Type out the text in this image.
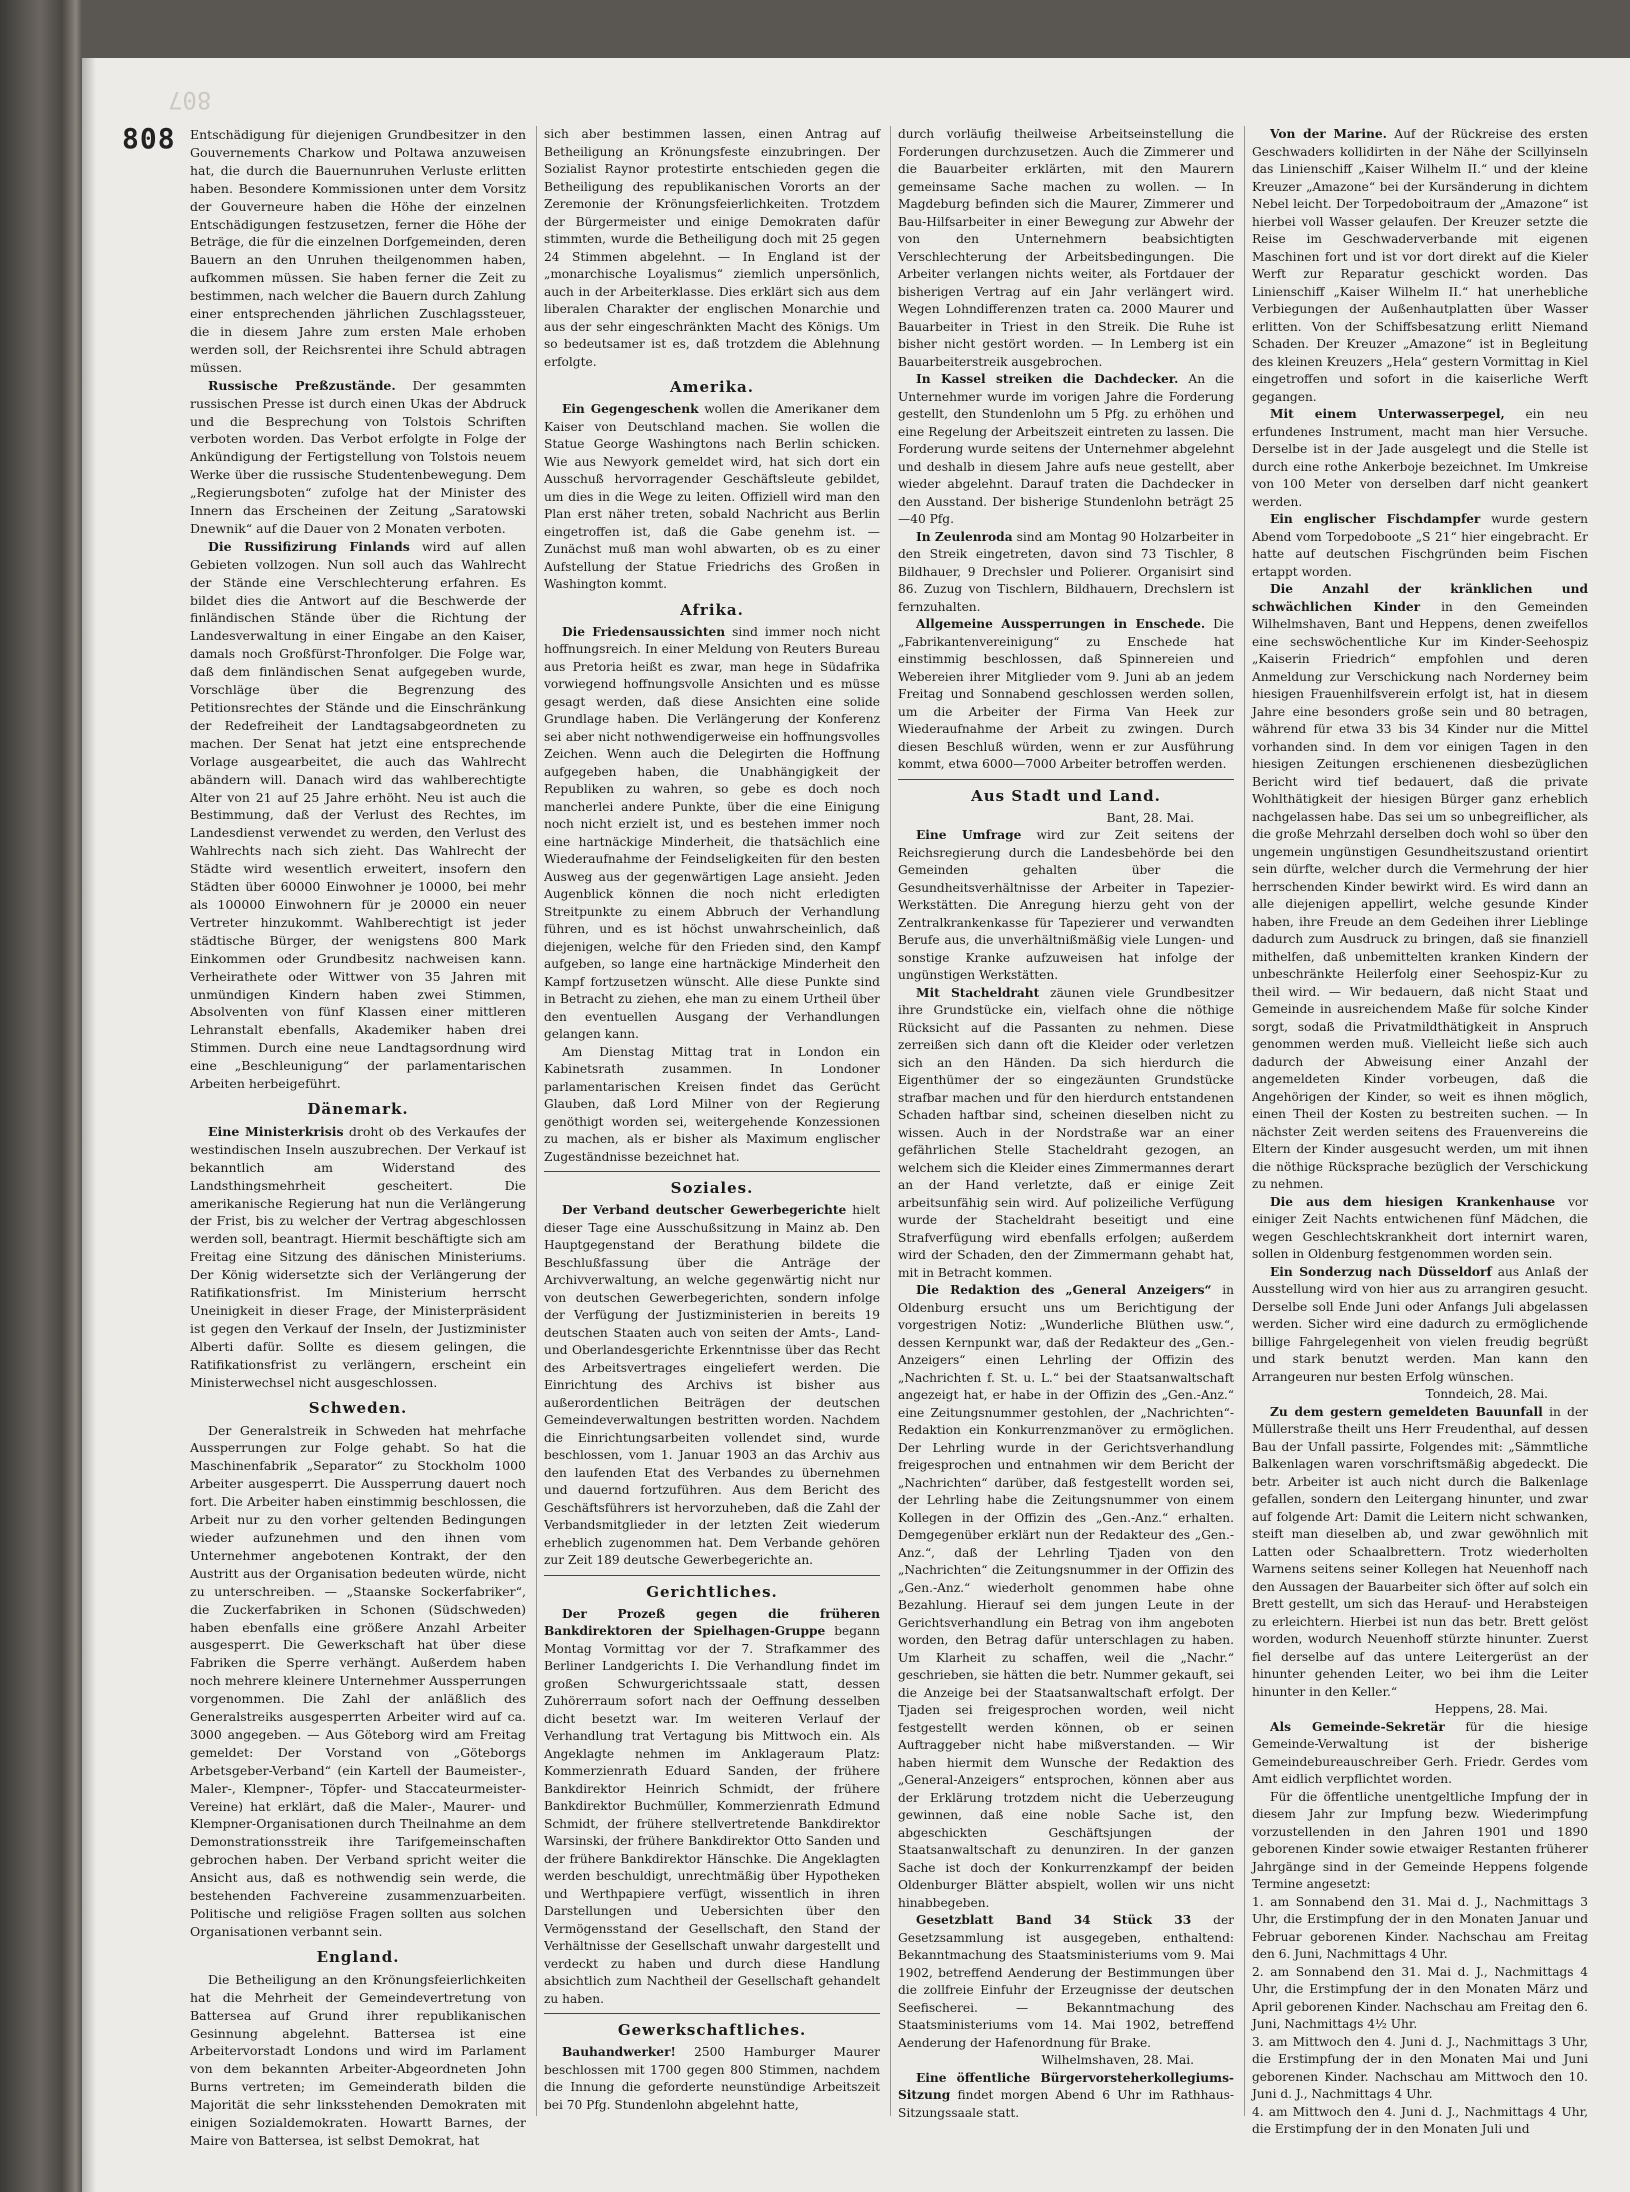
807
808 Entschädigung für diejenigen Grundbesitzer in den Gouvernements Charkow und Poltawa anzuweisen hat, die durch die Bauernunruhen Verluste erlitten haben. Besondere Kommissionen unter dem Vorsitz der Gouverneure haben die Höhe der einzelnen Entschädigungen festzusetzen, ferner die Höhe der Beträge, die für die einzelnen Dorfgemeinden, deren Bauern an den Unruhen theilgenommen haben, aufkommen müssen. Sie haben ferner die Zeit zu bestimmen, nach welcher die Bauern durch Zahlung einer entsprechenden jährlichen Zuschlagssteuer, die in diesem Jahre zum ersten Male erhoben werden soll, der Reichsrentei ihre Schuld abtragen müssen.

Russische Preßzustände. Der gesammten russischen Presse ist durch einen Ukas der Abdruck und die Besprechung von Tolstois Schriften verboten worden. Das Verbot erfolgte in Folge der Ankündigung der Fertigstellung von Tolstois neuem Werke über die russische Studentenbewegung. Dem „Regierungsboten“ zufolge hat der Minister des Innern das Erscheinen der Zeitung „Saratowski Dnewnik“ auf die Dauer von 2 Monaten verboten.

Die Russifizirung Finlands wird auf allen Gebieten vollzogen. Nun soll auch das Wahlrecht der Stände eine Verschlechterung erfahren. Es bildet dies die Antwort auf die Beschwerde der finländischen Stände über die Richtung der Landesverwaltung in einer Eingabe an den Kaiser, damals noch Großfürst-Thronfolger. Die Folge war, daß dem finländischen Senat aufgegeben wurde, Vorschläge über die Begrenzung des Petitionsrechtes der Stände und die Einschränkung der Redefreiheit der Landtagsabgeordneten zu machen. Der Senat hat jetzt eine entsprechende Vorlage ausgearbeitet, die auch das Wahlrecht abändern will. Danach wird das wahlberechtigte Alter von 21 auf 25 Jahre erhöht. Neu ist auch die Bestimmung, daß der Verlust des Rechtes, im Landesdienst verwendet zu werden, den Verlust des Wahlrechts nach sich zieht. Das Wahlrecht der Städte wird wesentlich erweitert, insofern den Städten über 60000 Einwohner je 10000, bei mehr als 100000 Einwohnern für je 20000 ein neuer Vertreter hinzukommt. Wahlberechtigt ist jeder städtische Bürger, der wenigstens 800 Mark Einkommen oder Grundbesitz nachweisen kann. Verheirathete oder Wittwer von 35 Jahren mit unmündigen Kindern haben zwei Stimmen, Absolventen von fünf Klassen einer mittleren Lehranstalt ebenfalls, Akademiker haben drei Stimmen. Durch eine neue Landtagsordnung wird eine „Beschleunigung“ der parlamentarischen Arbeiten herbeigeführt.

Dänemark.

Eine Ministerkrisis droht ob des Verkaufes der westindischen Inseln auszubrechen. Der Verkauf ist bekanntlich am Widerstand des Landsthingsmehrheit gescheitert. Die amerikanische Regierung hat nun die Verlängerung der Frist, bis zu welcher der Vertrag abgeschlossen werden soll, beantragt. Hiermit beschäftigte sich am Freitag eine Sitzung des dänischen Ministeriums. Der König widersetzte sich der Verlängerung der Ratifikationsfrist. Im Ministerium herrscht Uneinigkeit in dieser Frage, der Ministerpräsident ist gegen den Verkauf der Inseln, der Justizminister Alberti dafür. Sollte es diesem gelingen, die Ratifikationsfrist zu verlängern, erscheint ein Ministerwechsel nicht ausgeschlossen.

Schweden.

Der Generalstreik in Schweden hat mehrfache Aussperrungen zur Folge gehabt. So hat die Maschinenfabrik „Separator“ zu Stockholm 1000 Arbeiter ausgesperrt. Die Aussperrung dauert noch fort. Die Arbeiter haben einstimmig beschlossen, die Arbeit nur zu den vorher geltenden Bedingungen wieder aufzunehmen und den ihnen vom Unternehmer angebotenen Kontrakt, der den Austritt aus der Organisation bedeuten würde, nicht zu unterschreiben. — „Staanske Sockerfabriker“, die Zuckerfabriken in Schonen (Südschweden) haben ebenfalls eine größere Anzahl Arbeiter ausgesperrt. Die Gewerkschaft hat über diese Fabriken die Sperre verhängt. Außerdem haben noch mehrere kleinere Unternehmer Aussperrungen vorgenommen. Die Zahl der anläßlich des Generalstreiks ausgesperrten Arbeiter wird auf ca. 3000 angegeben. — Aus Göteborg wird am Freitag gemeldet: Der Vorstand von „Göteborgs Arbetsgeber-Verband“ (ein Kartell der Baumeister-, Maler-, Klempner-, Töpfer- und Staccateurmeister-Vereine) hat erklärt, daß die Maler-, Maurer- und Klempner-Organisationen durch Theilnahme an dem Demonstrationsstreik ihre Tarifgemeinschaften gebrochen haben. Der Verband spricht weiter die Ansicht aus, daß es nothwendig sein werde, die bestehenden Fachvereine zusammenzuarbeiten. Politische und religiöse Fragen sollten aus solchen Organisationen verbannt sein.

England.

Die Betheiligung an den Krönungsfeierlichkeiten hat die Mehrheit der Gemeindevertretung von Battersea auf Grund ihrer republikanischen Gesinnung abgelehnt. Battersea ist eine Arbeitervorstadt Londons und wird im Parlament von dem bekannten Arbeiter-Abgeordneten John Burns vertreten; im Gemeinderath bilden die Majorität die sehr linksstehenden Demokraten mit einigen Sozialdemokraten. Howartt Barnes, der Maire von Battersea, ist selbst Demokrat, hat

sich aber bestimmen lassen, einen Antrag auf Betheiligung an Krönungsfeste einzubringen. Der Sozialist Raynor protestirte entschieden gegen die Betheiligung des republikanischen Vororts an der Zeremonie der Krönungsfeierlichkeiten. Trotzdem der Bürgermeister und einige Demokraten dafür stimmten, wurde die Betheiligung doch mit 25 gegen 24 Stimmen abgelehnt. — In England ist der „monarchische Loyalismus“ ziemlich unpersönlich, auch in der Arbeiterklasse. Dies erklärt sich aus dem liberalen Charakter der englischen Monarchie und aus der sehr eingeschränkten Macht des Königs. Um so bedeutsamer ist es, daß trotzdem die Ablehnung erfolgte.

Amerika.

Ein Gegengeschenk wollen die Amerikaner dem Kaiser von Deutschland machen. Sie wollen die Statue George Washingtons nach Berlin schicken. Wie aus Newyork gemeldet wird, hat sich dort ein Ausschuß hervorragender Geschäftsleute gebildet, um dies in die Wege zu leiten. Offiziell wird man den Plan erst näher treten, sobald Nachricht aus Berlin eingetroffen ist, daß die Gabe genehm ist. — Zunächst muß man wohl abwarten, ob es zu einer Aufstellung der Statue Friedrichs des Großen in Washington kommt.

Afrika.

Die Friedensaussichten sind immer noch nicht hoffnungsreich. In einer Meldung von Reuters Bureau aus Pretoria heißt es zwar, man hege in Südafrika vorwiegend hoffnungsvolle Ansichten und es müsse gesagt werden, daß diese Ansichten eine solide Grundlage haben. Die Verlängerung der Konferenz sei aber nicht nothwendigerweise ein hoffnungsvolles Zeichen. Wenn auch die Delegirten die Hoffnung aufgegeben haben, die Unabhängigkeit der Republiken zu wahren, so gebe es doch noch mancherlei andere Punkte, über die eine Einigung noch nicht erzielt ist, und es bestehen immer noch eine hartnäckige Minderheit, die thatsächlich eine Wiederaufnahme der Feindseligkeiten für den besten Ausweg aus der gegenwärtigen Lage ansieht. Jeden Augenblick können die noch nicht erledigten Streitpunkte zu einem Abbruch der Verhandlung führen, und es ist höchst unwahrscheinlich, daß diejenigen, welche für den Frieden sind, den Kampf aufgeben, so lange eine hartnäckige Minderheit den Kampf fortzusetzen wünscht. Alle diese Punkte sind in Betracht zu ziehen, ehe man zu einem Urtheil über den eventuellen Ausgang der Verhandlungen gelangen kann.

Am Dienstag Mittag trat in London ein Kabinetsrath zusammen. In Londoner parlamentarischen Kreisen findet das Gerücht Glauben, daß Lord Milner von der Regierung genöthigt worden sei, weitergehende Konzessionen zu machen, als er bisher als Maximum englischer Zugeständnisse bezeichnet hat.

Soziales.

Der Verband deutscher Gewerbegerichte hielt dieser Tage eine Ausschußsitzung in Mainz ab. Den Hauptgegenstand der Berathung bildete die Beschlußfassung über die Anträge der Archivverwaltung, an welche gegenwärtig nicht nur von deutschen Gewerbegerichten, sondern infolge der Verfügung der Justizministerien in bereits 19 deutschen Staaten auch von seiten der Amts-, Land- und Oberlandesgerichte Erkenntnisse über das Recht des Arbeitsvertrages eingeliefert werden. Die Einrichtung des Archivs ist bisher aus außerordentlichen Beiträgen der deutschen Gemeindeverwaltungen bestritten worden. Nachdem die Einrichtungsarbeiten vollendet sind, wurde beschlossen, vom 1. Januar 1903 an das Archiv aus den laufenden Etat des Verbandes zu übernehmen und dauernd fortzuführen. Aus dem Bericht des Geschäftsführers ist hervorzuheben, daß die Zahl der Verbandsmitglieder in der letzten Zeit wiederum erheblich zugenommen hat. Dem Verbande gehören zur Zeit 189 deutsche Gewerbegerichte an.

Gerichtliches.

Der Prozeß gegen die früheren Bankdirektoren der Spielhagen-Gruppe begann Montag Vormittag vor der 7. Strafkammer des Berliner Landgerichts I. Die Verhandlung findet im großen Schwurgerichtssaale statt, dessen Zuhörerraum sofort nach der Oeffnung desselben dicht besetzt war. Im weiteren Verlauf der Verhandlung trat Vertagung bis Mittwoch ein. Als Angeklagte nehmen im Anklageraum Platz: Kommerzienrath Eduard Sanden, der frühere Bankdirektor Heinrich Schmidt, der frühere Bankdirektor Buchmüller, Kommerzienrath Edmund Schmidt, der frühere stellvertretende Bankdirektor Warsinski, der frühere Bankdirektor Otto Sanden und der frühere Bankdirektor Hänschke. Die Angeklagten werden beschuldigt, unrechtmäßig über Hypotheken und Werthpapiere verfügt, wissentlich in ihren Darstellungen und Uebersichten über den Vermögensstand der Gesellschaft, den Stand der Verhältnisse der Gesellschaft unwahr dargestellt und verdeckt zu haben und durch diese Handlung absichtlich zum Nachtheil der Gesellschaft gehandelt zu haben.

Gewerkschaftliches.

Bauhandwerker! 2500 Hamburger Maurer beschlossen mit 1700 gegen 800 Stimmen, nachdem die Innung die geforderte neunstündige Arbeitszeit bei 70 Pfg. Stundenlohn abgelehnt hatte,

durch vorläufig theilweise Arbeitseinstellung die Forderungen durchzusetzen. Auch die Zimmerer und die Bauarbeiter erklärten, mit den Maurern gemeinsame Sache machen zu wollen. — In Magdeburg befinden sich die Maurer, Zimmerer und Bau-Hilfsarbeiter in einer Bewegung zur Abwehr der von den Unternehmern beabsichtigten Verschlechterung der Arbeitsbedingungen. Die Arbeiter verlangen nichts weiter, als Fortdauer der bisherigen Vertrag auf ein Jahr verlängert wird. Wegen Lohndifferenzen traten ca. 2000 Maurer und Bauarbeiter in Triest in den Streik. Die Ruhe ist bisher nicht gestört worden. — In Lemberg ist ein Bauarbeiterstreik ausgebrochen.

In Kassel streiken die Dachdecker. An die Unternehmer wurde im vorigen Jahre die Forderung gestellt, den Stundenlohn um 5 Pfg. zu erhöhen und eine Regelung der Arbeitszeit eintreten zu lassen. Die Forderung wurde seitens der Unternehmer abgelehnt und deshalb in diesem Jahre aufs neue gestellt, aber wieder abgelehnt. Darauf traten die Dachdecker in den Ausstand. Der bisherige Stundenlohn beträgt 25—40 Pfg.

In Zeulenroda sind am Montag 90 Holzarbeiter in den Streik eingetreten, davon sind 73 Tischler, 8 Bildhauer, 9 Drechsler und Polierer. Organisirt sind 86. Zuzug von Tischlern, Bildhauern, Drechslern ist fernzuhalten.

Allgemeine Aussperrungen in Enschede. Die „Fabrikantenvereinigung“ zu Enschede hat einstimmig beschlossen, daß Spinnereien und Webereien ihrer Mitglieder vom 9. Juni ab an jedem Freitag und Sonnabend geschlossen werden sollen, um die Arbeiter der Firma Van Heek zur Wiederaufnahme der Arbeit zu zwingen. Durch diesen Beschluß würden, wenn er zur Ausführung kommt, etwa 6000—7000 Arbeiter betroffen werden.

Aus Stadt und Land.

Bant, 28. Mai.

Eine Umfrage wird zur Zeit seitens der Reichsregierung durch die Landesbehörde bei den Gemeinden gehalten über die Gesundheitsverhältnisse der Arbeiter in Tapezier-Werkstätten. Die Anregung hierzu geht von der Zentralkrankenkasse für Tapezierer und verwandten Berufe aus, die unverhältnißmäßig viele Lungen- und sonstige Kranke aufzuweisen hat infolge der ungünstigen Werkstätten.

Mit Stacheldraht zäunen viele Grundbesitzer ihre Grundstücke ein, vielfach ohne die nöthige Rücksicht auf die Passanten zu nehmen. Diese zerreißen sich dann oft die Kleider oder verletzen sich an den Händen. Da sich hierdurch die Eigenthümer der so eingezäunten Grundstücke strafbar machen und für den hierdurch entstandenen Schaden haftbar sind, scheinen dieselben nicht zu wissen. Auch in der Nordstraße war an einer gefährlichen Stelle Stacheldraht gezogen, an welchem sich die Kleider eines Zimmermannes derart an der Hand verletzte, daß er einige Zeit arbeitsunfähig sein wird. Auf polizeiliche Verfügung wurde der Stacheldraht beseitigt und eine Strafverfügung wird ebenfalls erfolgen; außerdem wird der Schaden, den der Zimmermann gehabt hat, mit in Betracht kommen.

Die Redaktion des „General Anzeigers“ in Oldenburg ersucht uns um Berichtigung der vorgestrigen Notiz: „Wunderliche Blüthen usw.“, dessen Kernpunkt war, daß der Redakteur des „Gen.-Anzeigers“ einen Lehrling der Offizin des „Nachrichten f. St. u. L.“ bei der Staatsanwaltschaft angezeigt hat, er habe in der Offizin des „Gen.-Anz.“ eine Zeitungsnummer gestohlen, der „Nachrichten“-Redaktion ein Konkurrenzmanöver zu ermöglichen. Der Lehrling wurde in der Gerichtsverhandlung freigesprochen und entnahmen wir dem Bericht der „Nachrichten“ darüber, daß festgestellt worden sei, der Lehrling habe die Zeitungsnummer von einem Kollegen in der Offizin des „Gen.-Anz.“ erhalten. Demgegenüber erklärt nun der Redakteur des „Gen.-Anz.“, daß der Lehrling Tjaden von den „Nachrichten“ die Zeitungsnummer in der Offizin des „Gen.-Anz.“ wiederholt genommen habe ohne Bezahlung. Hierauf sei dem jungen Leute in der Gerichtsverhandlung ein Betrag von ihm angeboten worden, den Betrag dafür unterschlagen zu haben. Um Klarheit zu schaffen, weil die „Nachr.“ geschrieben, sie hätten die betr. Nummer gekauft, sei die Anzeige bei der Staatsanwaltschaft erfolgt. Der Tjaden sei freigesprochen worden, weil nicht festgestellt werden können, ob er seinen Auftraggeber nicht habe mißverstanden. — Wir haben hiermit dem Wunsche der Redaktion des „General-Anzeigers“ entsprochen, können aber aus der Erklärung trotzdem nicht die Ueberzeugung gewinnen, daß eine noble Sache ist, den abgeschickten Geschäftsjungen der Staatsanwaltschaft zu denunziren. In der ganzen Sache ist doch der Konkurrenzkampf der beiden Oldenburger Blätter abspielt, wollen wir uns nicht hinabbegeben.

Gesetzblatt Band 34 Stück 33 der Gesetzsammlung ist ausgegeben, enthaltend: Bekanntmachung des Staatsministeriums vom 9. Mai 1902, betreffend Aenderung der Bestimmungen über die zollfreie Einfuhr der Erzeugnisse der deutschen Seefischerei. — Bekanntmachung des Staatsministeriums vom 14. Mai 1902, betreffend Aenderung der Hafenordnung für Brake.

Wilhelmshaven, 28. Mai.

Eine öffentliche Bürgervorsteherkollegiums-Sitzung findet morgen Abend 6 Uhr im Rathhaus-Sitzungssaale statt.

Von der Marine. Auf der Rückreise des ersten Geschwaders kollidirten in der Nähe der Scillyinseln das Linienschiff „Kaiser Wilhelm II.“ und der kleine Kreuzer „Amazone“ bei der Kursänderung in dichtem Nebel leicht. Der Torpedoboitraum der „Amazone“ ist hierbei voll Wasser gelaufen. Der Kreuzer setzte die Reise im Geschwaderverbande mit eigenen Maschinen fort und ist vor dort direkt auf die Kieler Werft zur Reparatur geschickt worden. Das Linienschiff „Kaiser Wilhelm II.“ hat unerhebliche Verbiegungen der Außenhautplatten über Wasser erlitten. Von der Schiffsbesatzung erlitt Niemand Schaden. Der Kreuzer „Amazone“ ist in Begleitung des kleinen Kreuzers „Hela“ gestern Vormittag in Kiel eingetroffen und sofort in die kaiserliche Werft gegangen.

Mit einem Unterwasserpegel, ein neu erfundenes Instrument, macht man hier Versuche. Derselbe ist in der Jade ausgelegt und die Stelle ist durch eine rothe Ankerboje bezeichnet. Im Umkreise von 100 Meter von derselben darf nicht geankert werden.

Ein englischer Fischdampfer wurde gestern Abend vom Torpedoboote „S 21“ hier eingebracht. Er hatte auf deutschen Fischgründen beim Fischen ertappt worden.

Die Anzahl der kränklichen und schwächlichen Kinder in den Gemeinden Wilhelmshaven, Bant und Heppens, denen zweifellos eine sechswöchentliche Kur im Kinder-Seehospiz „Kaiserin Friedrich“ empfohlen und deren Anmeldung zur Verschickung nach Norderney beim hiesigen Frauenhilfsverein erfolgt ist, hat in diesem Jahre eine besonders große sein und 80 betragen, während für etwa 33 bis 34 Kinder nur die Mittel vorhanden sind. In dem vor einigen Tagen in den hiesigen Zeitungen erschienenen diesbezüglichen Bericht wird tief bedauert, daß die private Wohlthätigkeit der hiesigen Bürger ganz erheblich nachgelassen habe. Das sei um so unbegreiflicher, als die große Mehrzahl derselben doch wohl so über den ungemein ungünstigen Gesundheitszustand orientirt sein dürfte, welcher durch die Vermehrung der hier herrschenden Kinder bewirkt wird. Es wird dann an alle diejenigen appellirt, welche gesunde Kinder haben, ihre Freude an dem Gedeihen ihrer Lieblinge dadurch zum Ausdruck zu bringen, daß sie finanziell mithelfen, daß unbemittelten kranken Kindern der unbeschränkte Heilerfolg einer Seehospiz-Kur zu theil wird. — Wir bedauern, daß nicht Staat und Gemeinde in ausreichendem Maße für solche Kinder sorgt, sodaß die Privatmildthätigkeit in Anspruch genommen werden muß. Vielleicht ließe sich auch dadurch der Abweisung einer Anzahl der angemeldeten Kinder vorbeugen, daß die Angehörigen der Kinder, so weit es ihnen möglich, einen Theil der Kosten zu bestreiten suchen. — In nächster Zeit werden seitens des Frauenvereins die Eltern der Kinder ausgesucht werden, um mit ihnen die nöthige Rücksprache bezüglich der Verschickung zu nehmen.

Die aus dem hiesigen Krankenhause vor einiger Zeit Nachts entwichenen fünf Mädchen, die wegen Geschlechtskrankheit dort internirt waren, sollen in Oldenburg festgenommen worden sein.

Ein Sonderzug nach Düsseldorf aus Anlaß der Ausstellung wird von hier aus zu arrangiren gesucht. Derselbe soll Ende Juni oder Anfangs Juli abgelassen werden. Sicher wird eine dadurch zu ermöglichende billige Fahrgelegenheit von vielen freudig begrüßt und stark benutzt werden. Man kann den Arrangeuren nur besten Erfolg wünschen.

Tonndeich, 28. Mai.

Zu dem gestern gemeldeten Bauunfall in der Müllerstraße theilt uns Herr Freudenthal, auf dessen Bau der Unfall passirte, Folgendes mit: „Sämmtliche Balkenlagen waren vorschriftsmäßig abgedeckt. Die betr. Arbeiter ist auch nicht durch die Balkenlage gefallen, sondern den Leitergang hinunter, und zwar auf folgende Art: Damit die Leitern nicht schwanken, steift man dieselben ab, und zwar gewöhnlich mit Latten oder Schaalbrettern. Trotz wiederholten Warnens seitens seiner Kollegen hat Neuenhoff nach den Aussagen der Bauarbeiter sich öfter auf solch ein Brett gestellt, um sich das Herauf- und Herabsteigen zu erleichtern. Hierbei ist nun das betr. Brett gelöst worden, wodurch Neuenhoff stürzte hinunter. Zuerst fiel derselbe auf das untere Leitergerüst an der hinunter gehenden Leiter, wo bei ihm die Leiter hinunter in den Keller.“

Heppens, 28. Mai.

Als Gemeinde-Sekretär für die hiesige Gemeinde-Verwaltung ist der bisherige Gemeindebureauschreiber Gerh. Friedr. Gerdes vom Amt eidlich verpflichtet worden.

Für die öffentliche unentgeltliche Impfung der in diesem Jahr zur Impfung bezw. Wiederimpfung vorzustellenden in den Jahren 1901 und 1890 geborenen Kinder sowie etwaiger Restanten früherer Jahrgänge sind in der Gemeinde Heppens folgende Termine angesetzt:

1. am Sonnabend den 31. Mai d. J., Nachmittags 3 Uhr, die Erstimpfung der in den Monaten Januar und Februar geborenen Kinder. Nachschau am Freitag den 6. Juni, Nachmittags 4 Uhr.

2. am Sonnabend den 31. Mai d. J., Nachmittags 4 Uhr, die Erstimpfung der in den Monaten März und April geborenen Kinder. Nachschau am Freitag den 6. Juni, Nachmittags 4½ Uhr.

3. am Mittwoch den 4. Juni d. J., Nachmittags 3 Uhr, die Erstimpfung der in den Monaten Mai und Juni geborenen Kinder. Nachschau am Mittwoch den 10. Juni d. J., Nachmittags 4 Uhr.

4. am Mittwoch den 4. Juni d. J., Nachmittags 4 Uhr, die Erstimpfung der in den Monaten Juli und
